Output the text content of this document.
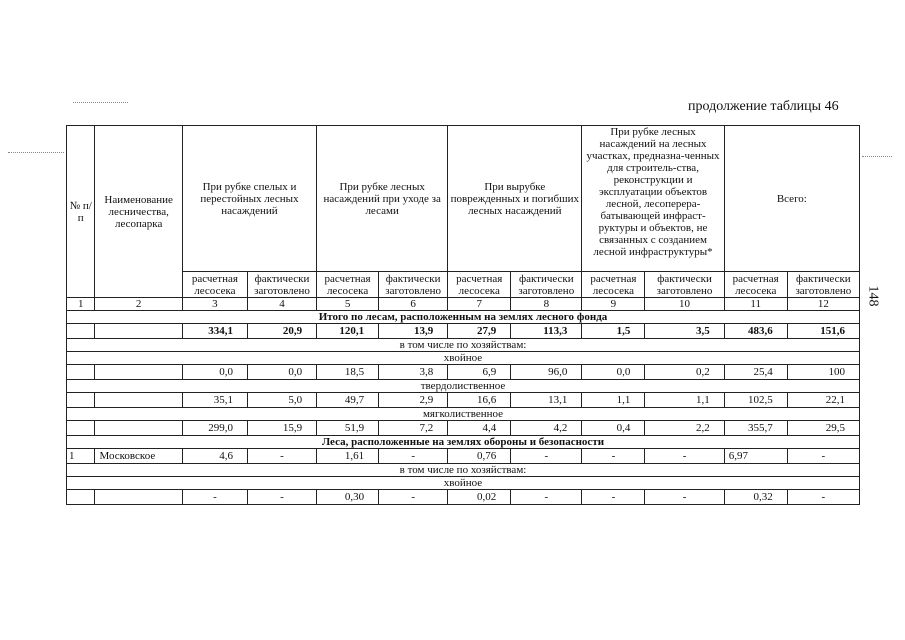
продолжение таблицы 46
148
№ п/п	Наименование лесничества, лесопарка	При рубке спелых и перестойных лесных насаждений		При рубке лесных насаждений при уходе за лесами		При вырубке поврежденных и погибших лесных насаждений		При рубке лесных насаждений на лесных участках, предназна-ченных для строитель-ства, реконструкции и эксплуатации объектов лесной, лесоперера-батывающей инфраст-руктуры и объектов, не связанных с созданием лесной инфраструктуры*		Всего:	
		расчетная лесосека	фактически заготовлено	расчетная лесосека	фактически заготовлено	расчетная лесосека	фактически заготовлено	расчетная лесосека	фактически заготовлено	расчетная лесосека	фактически заготовлено
1	2	3	4	5	6	7	8	9	10	11	12
Итого по лесам, расположенным на землях лесного фонда											
		334,1	20,9	120,1	13,9	27,9	113,3	1,5	3,5	483,6	151,6
в том числе по хозяйствам:											
хвойное											
		0,0	0,0	18,5	3,8	6,9	96,0	0,0	0,2	25,4	100
твердолиственное											
		35,1	5,0	49,7	2,9	16,6	13,1	1,1	1,1	102,5	22,1
мягколиственное											
		299,0	15,9	51,9	7,2	4,4	4,2	0,4	2,2	355,7	29,5
Леса, расположенные на землях обороны и безопасности											
1	Московское	4,6	-	1,61	-	0,76	-	-	-	6,97	-
в том числе по хозяйствам:											
хвойное											
		-	-	0,30	-	0,02	-	-	-	0,32	-
